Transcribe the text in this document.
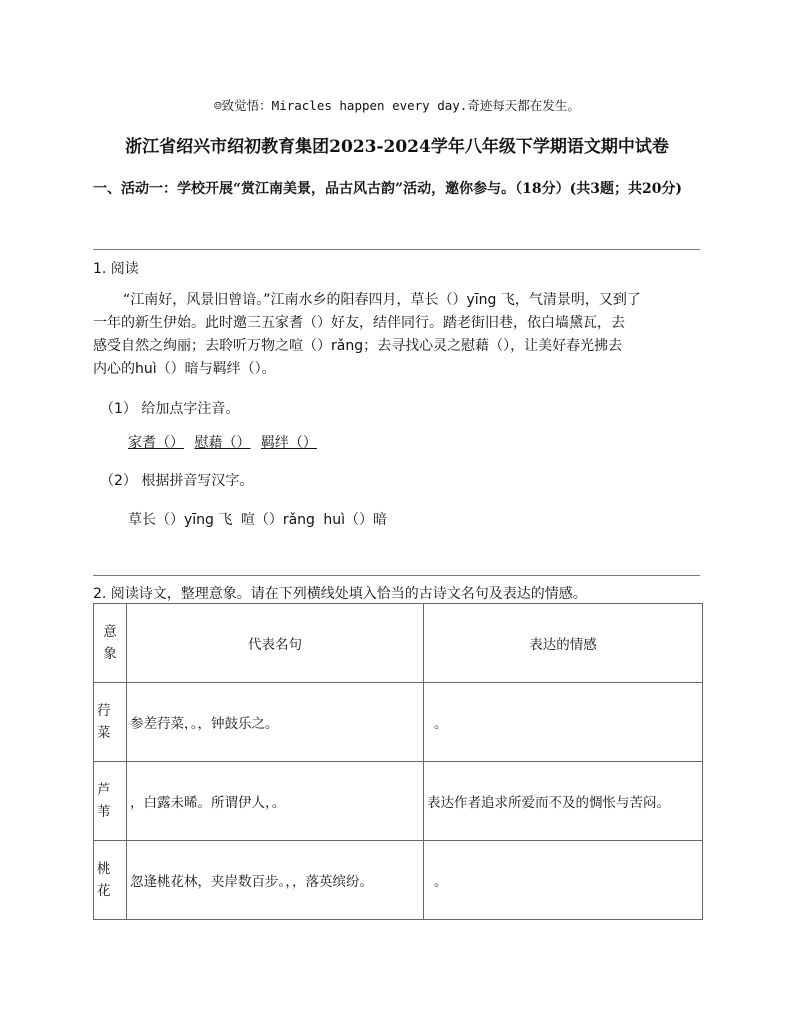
☺致觉悟：Miracles happen every day.奇迹每天都在发生。
浙江省绍兴市绍初教育集团2023-2024学年八年级下学期语文期中试卷
一、活动一：学校开展“赏江南美景，品古风古韵”活动，邀你参与。（18分）(共3题；共20分)
1. 阅读
“江南好，风景旧曾谙。”江南水乡的阳春四月，草长（）yīng 飞，气清景明，又到了
一年的新生伊始。此时邀三五家耆（）好友，结伴同行。踏老街旧巷，依白墙黛瓦，去
感受自然之绚丽；去聆听万物之喧（）rǎng；去寻找心灵之慰藉（），让美好春光拂去
内心的huì（）暗与羁绊（）。
（1） 给加点字注音。
家耆（） 慰藉（） 羁绊（）
（2） 根据拼音写汉字。
草长（）yīng 飞 喧（）rǎng huì（）暗
2. 阅读诗文，整理意象。请在下列横线处填入恰当的古诗文名句及表达的情感。
意象	代表名句	表达的情感
荇菜	参差荇菜，。，钟鼓乐之。	。
芦苇	，白露未晞。所谓伊人，。	表达作者追求所爱而不及的惆怅与苦闷。
桃花	忽逢桃花林，夹岸数百步。，，落英缤纷。	。
